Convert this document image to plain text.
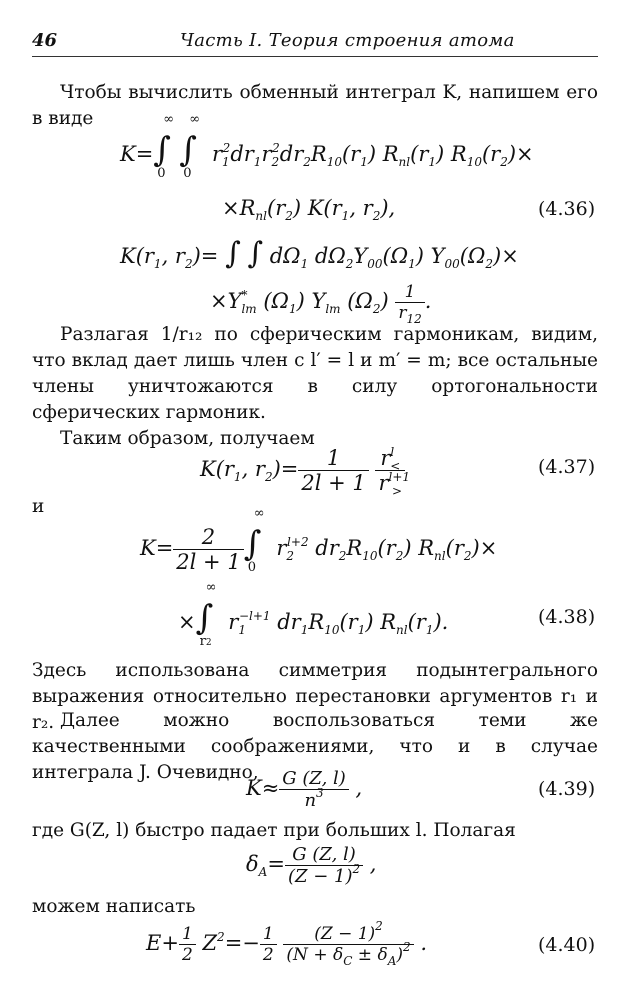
46	Часть I. Теория строения атома

Чтобы вычислить обменный интеграл K, напишем его в виде

K=
∞
∫
0
∞
∫
0
$r_1^2dr_1r_2^2dr_2R_{10}(r_1)$ $R_{nl}(r_1)$ $R_{10}(r_2)\times$
$\times R_{nl}(r_2)$ $K(r_1$, $r_2$),	(4.36)
$K(r_1$, $r_2)=$ ∫ ∫ $d\Omega_1$ $d\Omega_2Y_{00}(\Omega_1)$ $Y_{00}(\Omega_2)\times$
$\times Y^*_{lm}$ $(\Omega_1)$ $Y_{lm}$ $(\Omega_2) \frac{1}{r_{12}}$ .

Разлагая 1/r₁₂ по сферическим гармоникам, видим, что вклад дает лишь член с l′ = l и m′ = m; все остальные члены уничтожаются в силу ортогональности сферических гармоник.

Таким образом, получаем

$K(r_1$, $r_2)= \frac{1}{2l + 1}$
$\frac{r^l_<}{r^{l+1}_>}$	(4.37)

и

$K= \frac{2}{2l + 1}$
∞
∫
0
$r_2^{l+2}$ $dr_2R_{10}(r_2)$ $R_{nl}(r_2)\times$
×
∞
∫
r2
$r_1^{-l+1}$ $dr_1R_{10}(r_1)$ $R_{nl}(r_1)$.	(4.38)

Здесь использована симметрия подынтегрального выражения относительно перестановки аргументов r₁ и r₂. Далее можно воспользоваться теми же качественными соображениями, что и в случае интеграла J. Очевидно,

$K\approx \frac{G (Z, l)}{n^3}$ ,	(4.39)

где G(Z, l) быстро падает при больших l. Полагая

$\delta_A= \frac{G (Z, l)}{(Z - 1)^2}$ ,

можем написать

$E+ \frac{1}{2} Z^2=- \frac{1}{2}$
$\frac{(Z - 1)^2}{(N + \delta_C \pm \delta_A)^2}$ .	(4.40)
